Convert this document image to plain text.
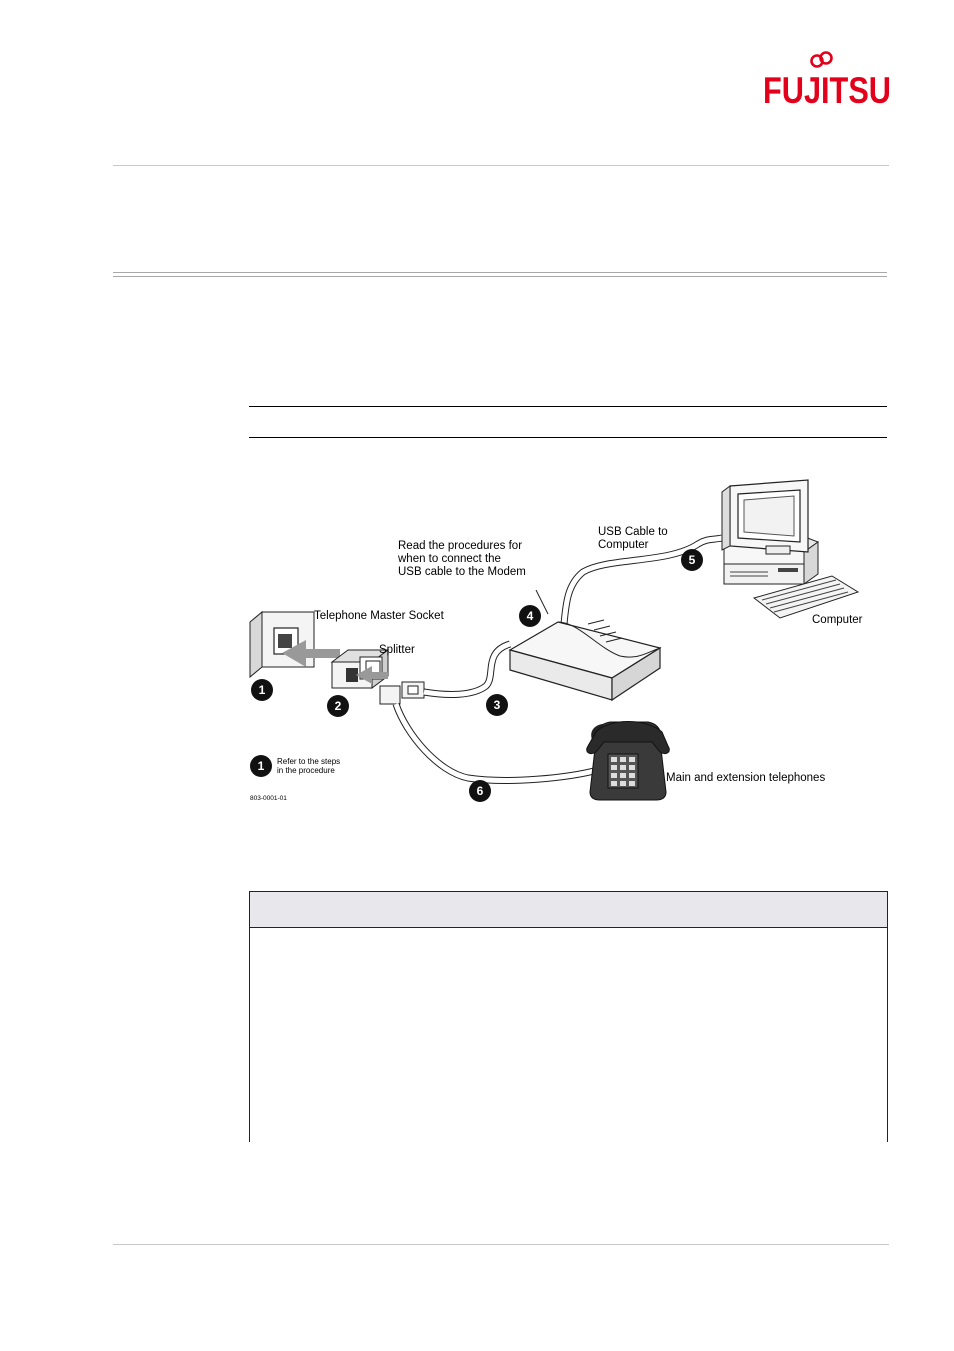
FUJITSU
Read the procedures for
when to connect the
USB cable to the Modem
USB Cable to
Computer
Telephone Master Socket
Splitter
Computer
Main and extension telephones
Refer to the steps
in the procedure
803-0001-01
1
2	3
4
5
6
1
